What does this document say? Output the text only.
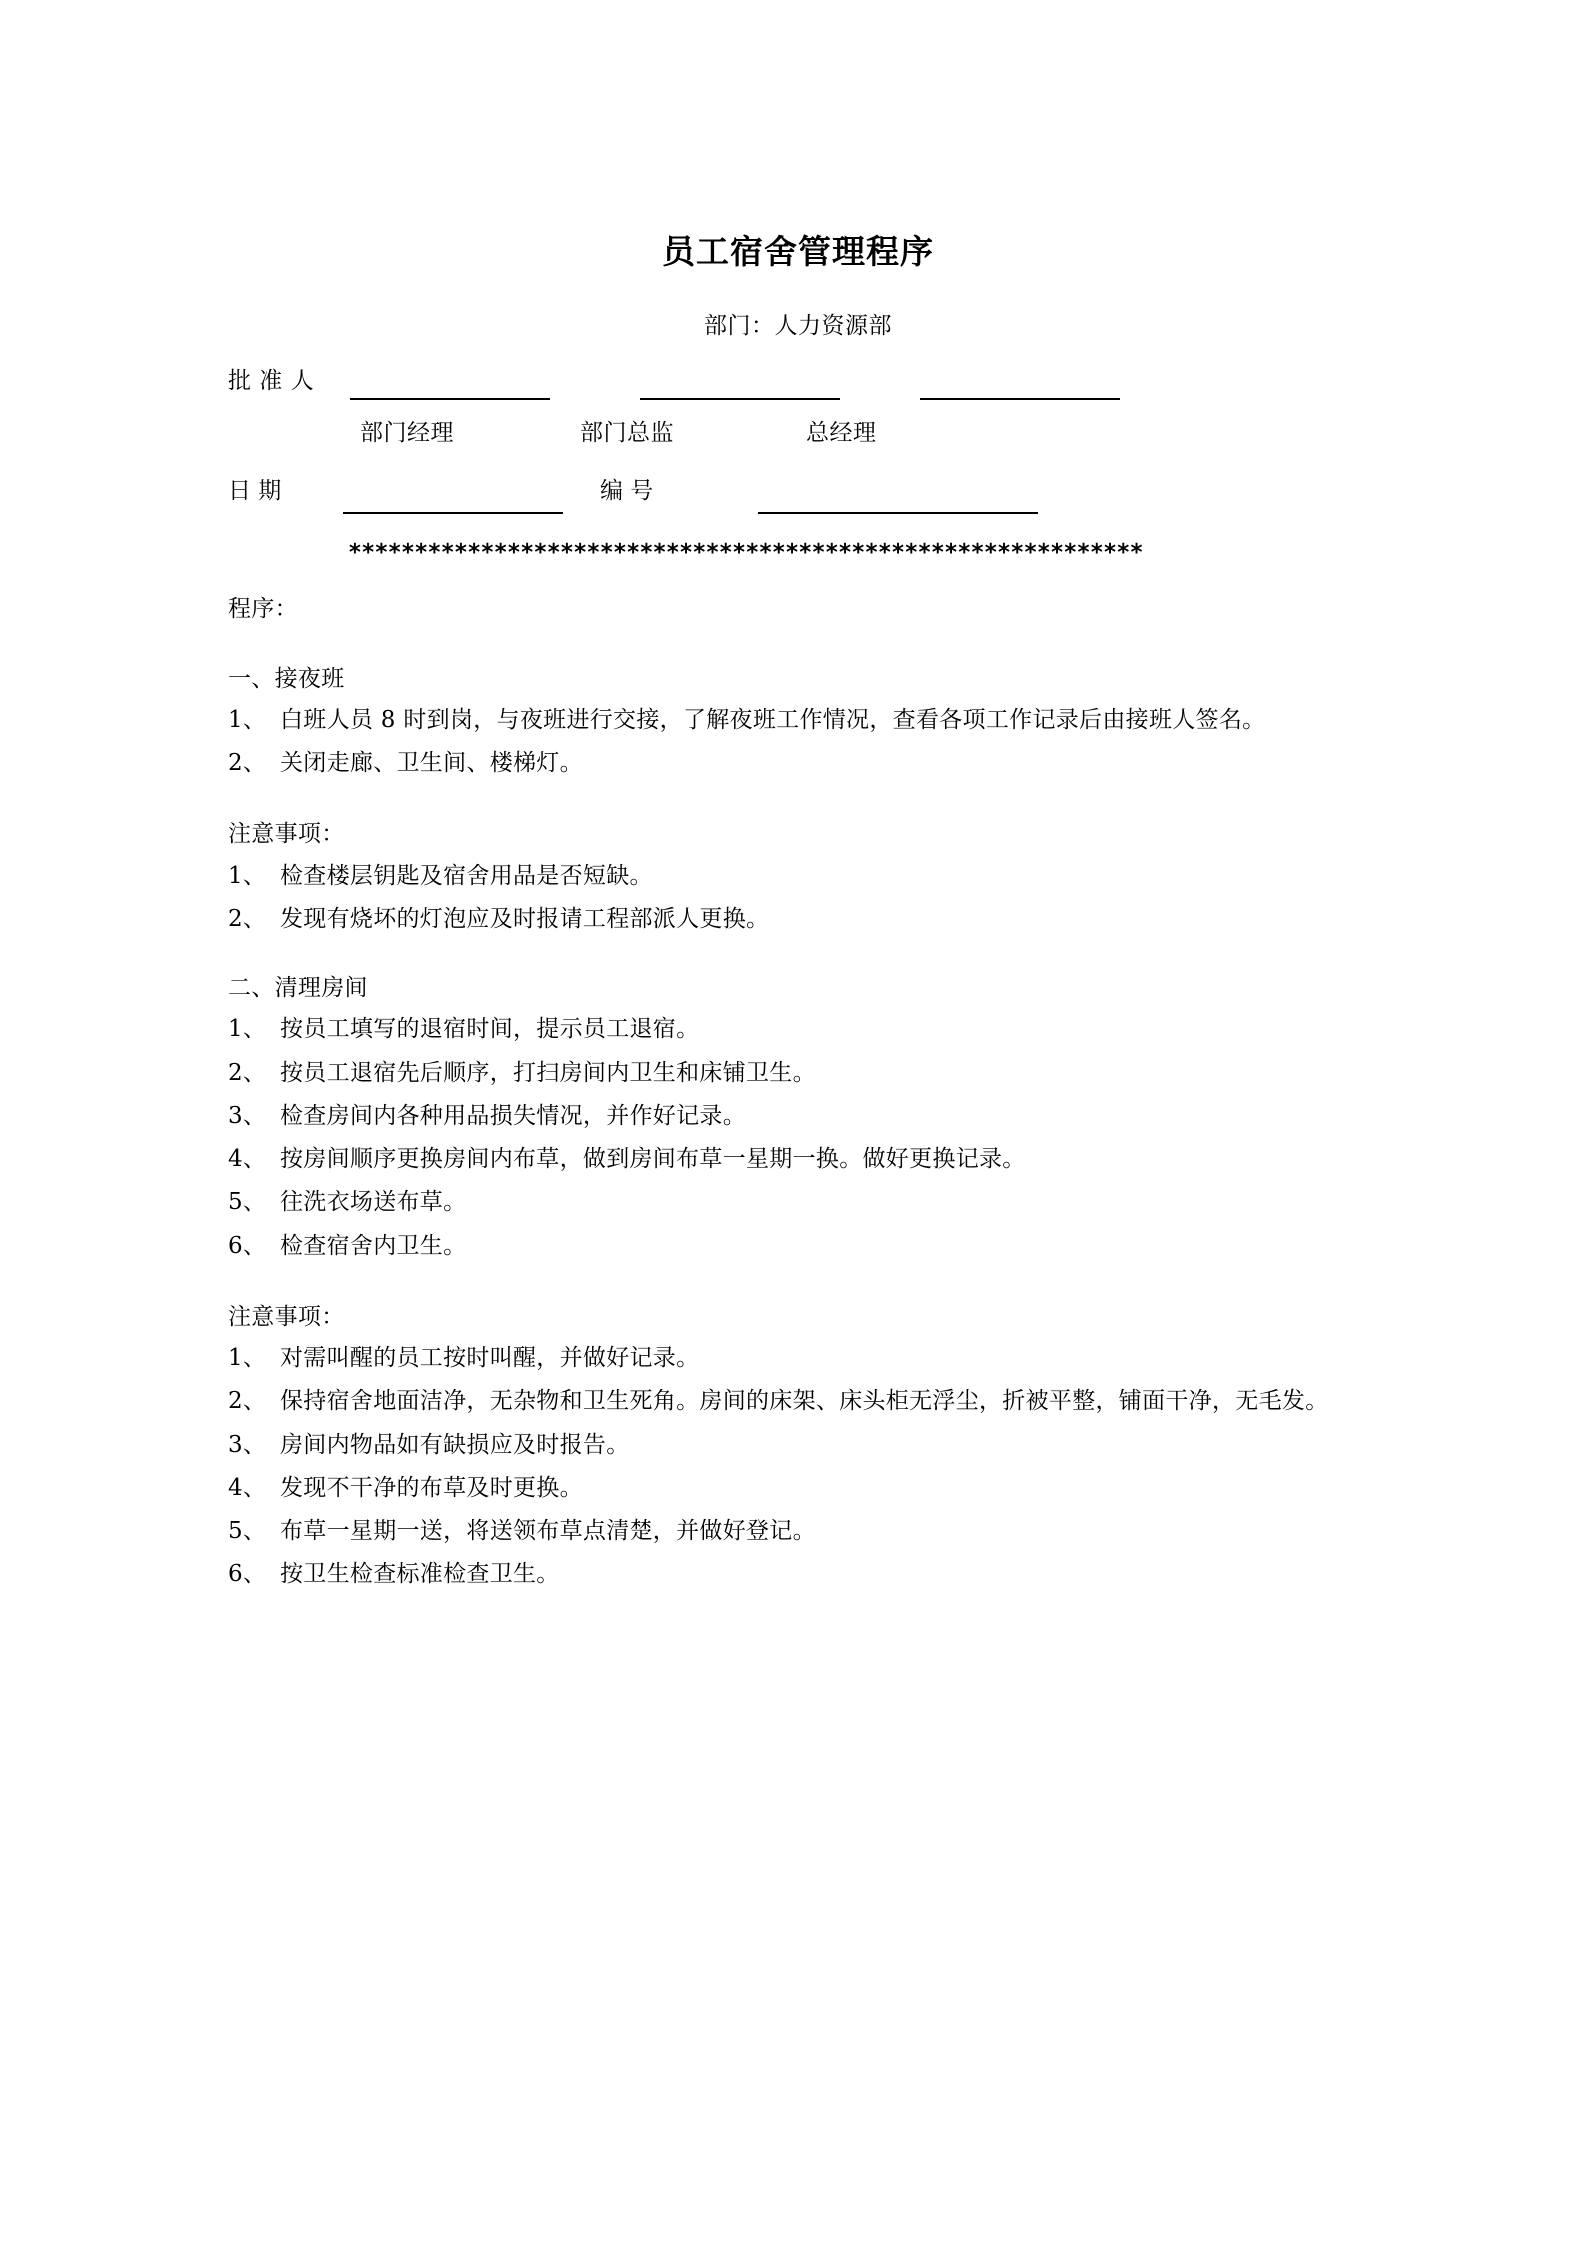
员工宿舍管理程序

部门：人力资源部

批 准 人
部门经理	部门总监	总经理
日 期	编 号

************************************************************

程序：

一、接夜班

1、 白班人员 8 时到岗，与夜班进行交接，了解夜班工作情况，查看各项工作记录后由接班人签名。

2、 关闭走廊、卫生间、楼梯灯。

注意事项：

1、 检查楼层钥匙及宿舍用品是否短缺。

2、 发现有烧坏的灯泡应及时报请工程部派人更换。

二、清理房间

1、 按员工填写的退宿时间，提示员工退宿。

2、 按员工退宿先后顺序，打扫房间内卫生和床铺卫生。

3、 检查房间内各种用品损失情况，并作好记录。

4、 按房间顺序更换房间内布草，做到房间布草一星期一换。做好更换记录。

5、 往洗衣场送布草。

6、 检查宿舍内卫生。

注意事项：

1、 对需叫醒的员工按时叫醒，并做好记录。

2、 保持宿舍地面洁净，无杂物和卫生死角。房间的床架、床头柜无浮尘，折被平整，铺面干净，无毛发。

3、 房间内物品如有缺损应及时报告。

4、 发现不干净的布草及时更换。

5、 布草一星期一送，将送领布草点清楚，并做好登记。

6、 按卫生检查标准检查卫生。
